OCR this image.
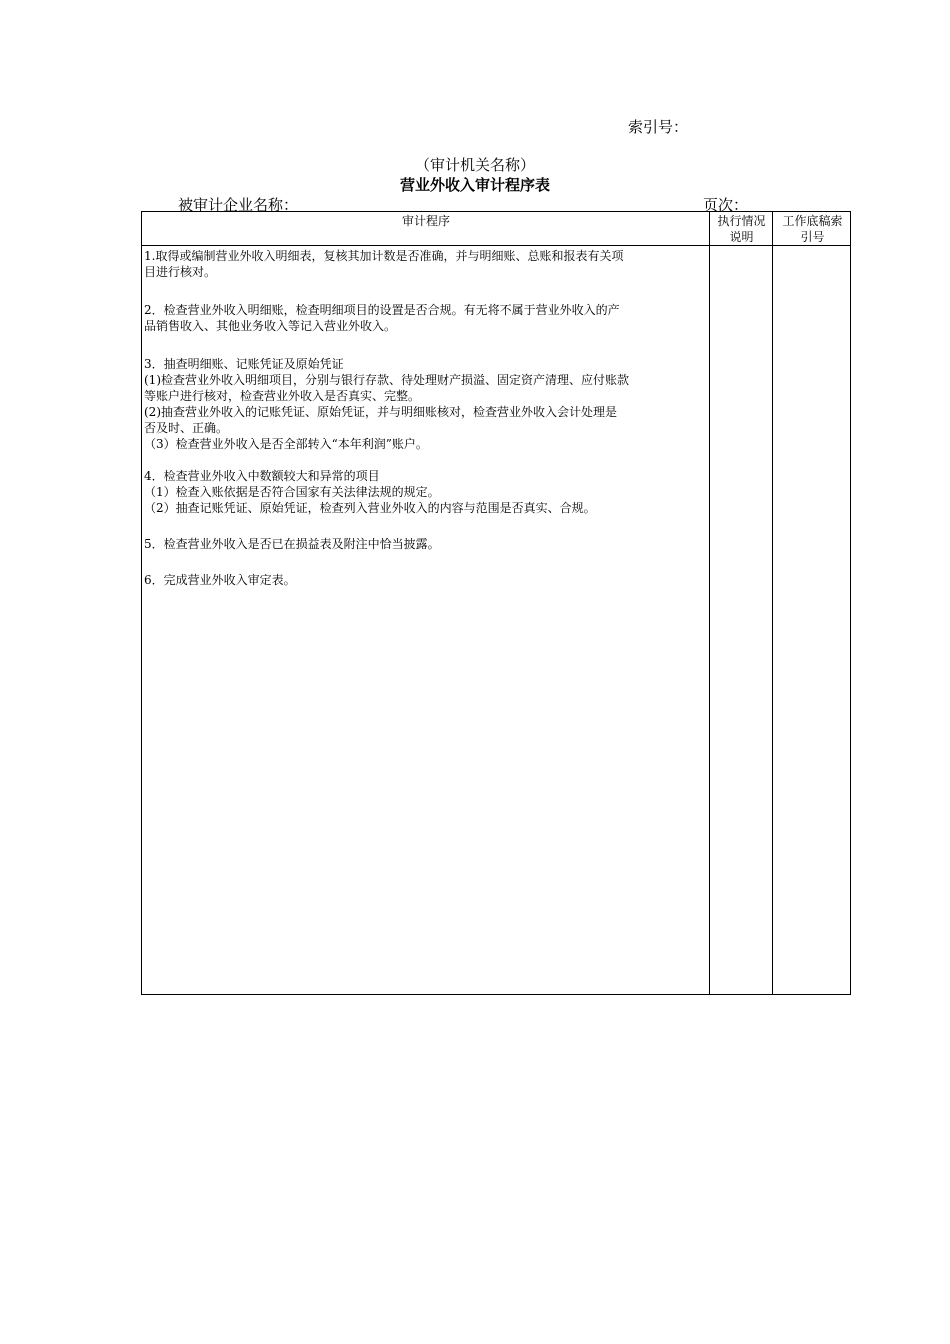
索引号：
（审计机关名称）
营业外收入审计程序表
被审计企业名称：	页次：
审计程序	执行情况
说明
工作底稿索
引号
1.取得或编制营业外收入明细表，复核其加计数是否准确，并与明细账、总账和报表有关项
目进行核对。
2．检查营业外收入明细账，检查明细项目的设置是否合规。有无将不属于营业外收入的产
品销售收入、其他业务收入等记入营业外收入。
3．抽查明细账、记账凭证及原始凭证
(1)检查营业外收入明细项目，分别与银行存款、待处理财产损溢、固定资产清理、应付账款
等账户进行核对，检查营业外收入是否真实、完整。
(2)抽查营业外收入的记账凭证、原始凭证，并与明细账核对，检查营业外收入会计处理是
否及时、正确。
（3）检查营业外收入是否全部转入“本年利润”账户。
4．检查营业外收入中数额较大和异常的项目
（1）检查入账依据是否符合国家有关法律法规的规定。
（2）抽查记账凭证、原始凭证，检查列入营业外收入的内容与范围是否真实、合规。
5．检查营业外收入是否已在损益表及附注中恰当披露。
6．完成营业外收入审定表。
